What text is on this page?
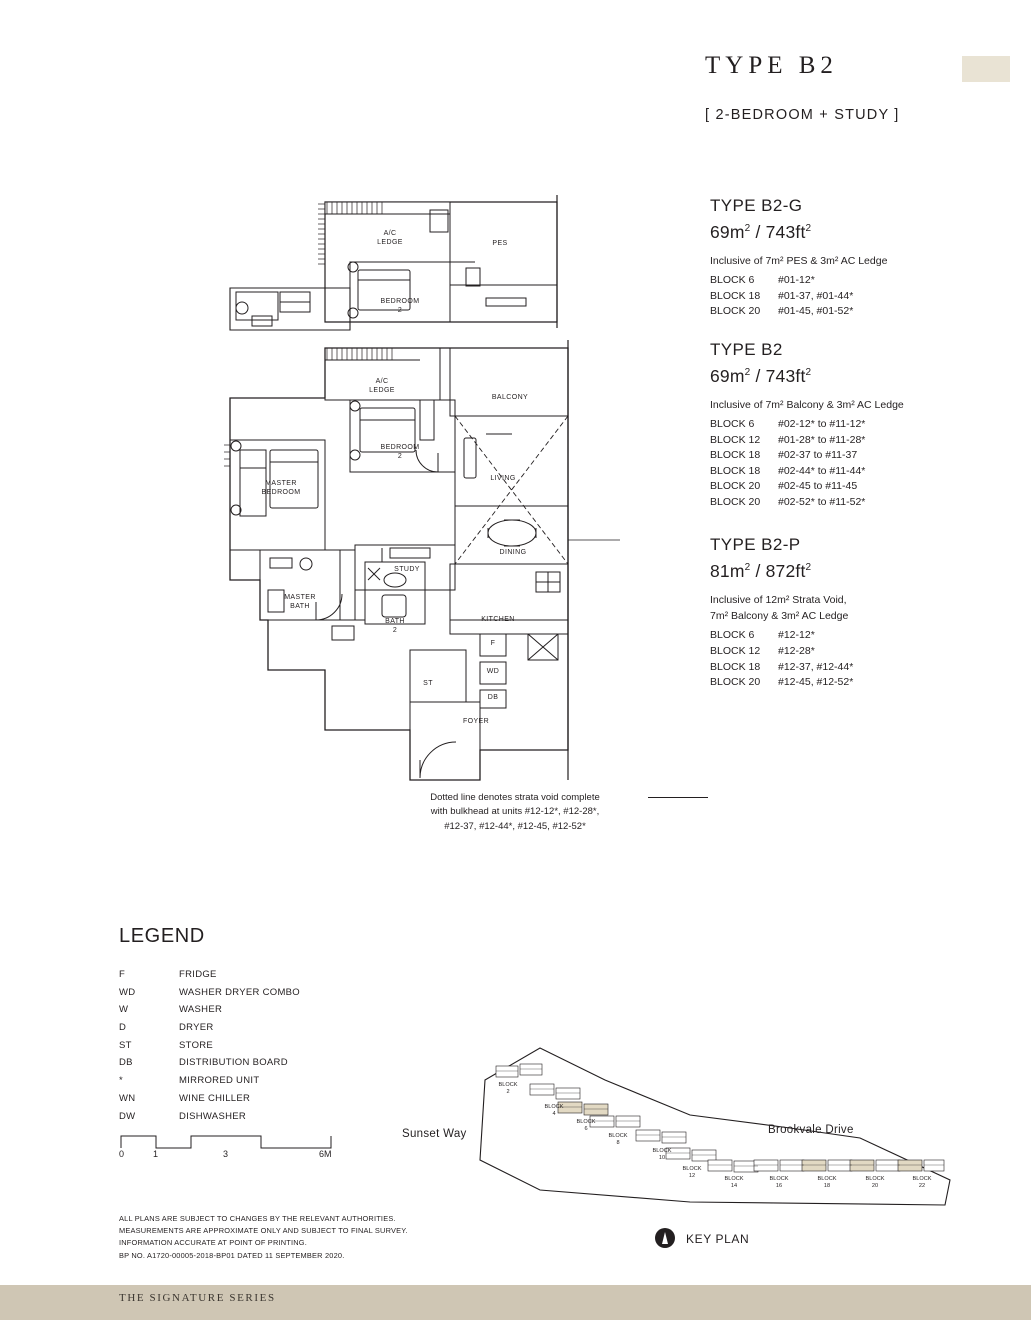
TYPE B2
[ 2-BEDROOM + STUDY ]
TYPE B2-G
$69m^2 / 743ft^2$

Inclusive of 7m² PES & 3m² AC Ledge

BLOCK 6	#01-12*
BLOCK 18	#01-37, #01-44*
BLOCK 20	#01-45, #01-52*
TYPE B2
$69m^2 / 743ft^2$

Inclusive of 7m² Balcony & 3m² AC Ledge

BLOCK 6	#02-12* to #11-12*
BLOCK 12	#01-28* to #11-28*
BLOCK 18	#02-37 to #11-37
BLOCK 18	#02-44* to #11-44*
BLOCK 20	#02-45 to #11-45
BLOCK 20	#02-52* to #11-52*
TYPE B2-P
$81m^2 / 872ft^2$

Inclusive of 12m² Strata Void,

7m² Balcony & 3m² AC Ledge

BLOCK 6	#12-12*
BLOCK 12	#12-28*
BLOCK 18	#12-37, #12-44*
BLOCK 20	#12-45, #12-52*
A/C
LEDGE	PES
BEDROOM
2
A/C
LEDGE
BALCONY
BEDROOM
2
MASTER
BEDROOM
LIVING
DINING
STUDY
MASTER
BATH
BATH
2
KITCHEN
ST
FOYER
F
WD
DB
Dotted line denotes strata void complete
with bulkhead at units #12-12*, #12-28*,
#12-37, #12-44*, #12-45, #12-52*
LEGEND
F	FRIDGE
WD	WASHER DRYER COMBO
W	WASHER
D	DRYER
ST	STORE
DB	DISTRIBUTION BOARD
*	MIRRORED UNIT
WN	WINE CHILLER
DW	DISHWASHER
0	1	3	6M
ALL PLANS ARE SUBJECT TO CHANGES BY THE RELEVANT AUTHORITIES.
MEASUREMENTS ARE APPROXIMATE ONLY AND SUBJECT TO FINAL SURVEY.
INFORMATION ACCURATE AT POINT OF PRINTING.
BP NO. A1720-00005-2018-BP01 DATED 11 SEPTEMBER 2020.
BLOCK
2
BLOCK
4
BLOCK
6
BLOCK
8
BLOCK
10
BLOCK
12	BLOCK
14
BLOCK
16
BLOCK
18
BLOCK
20
BLOCK
22
Sunset Way	Brookvale Drive
KEY PLAN
THE SIGNATURE SERIES
